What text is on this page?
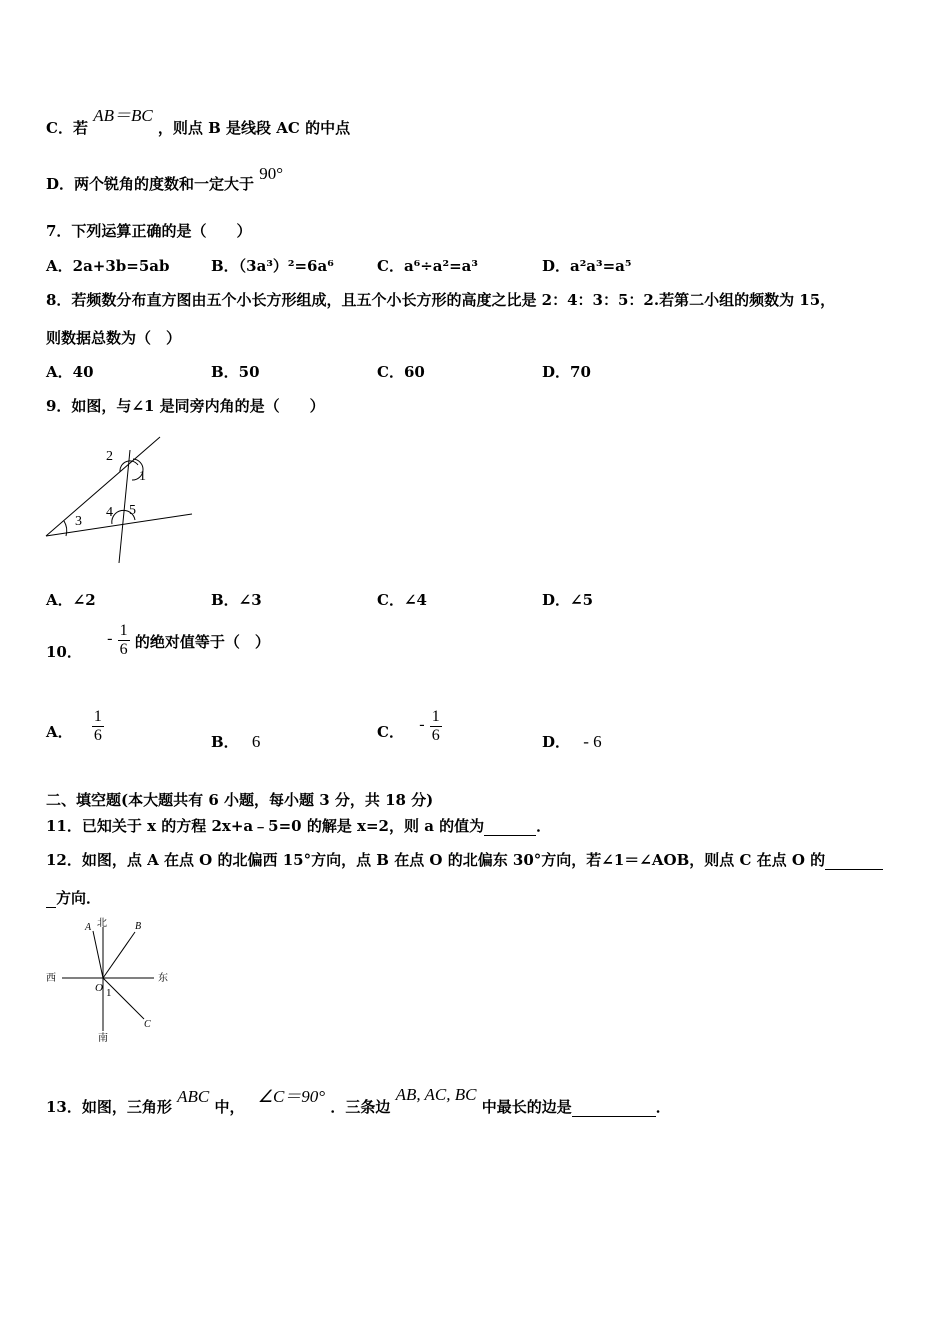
C．若 AB＝BC ，则点 B 是线段 AC 的中点
D．两个锐角的度数和一定大于 90°
7．下列运算正确的是（　　）
A．2a+3b=5ab	B．（3a³）²=6a⁶	C．a⁶÷a²=a³	D．a²a³=a⁵
8．若频数分布直方图由五个小长方形组成，且五个小长方形的高度之比是 2：4：3：5：2.若第二小组的频数为 15，
则数据总数为（　）
A．40	B．50	C．60	D．70
9．如图，与∠1 是同旁内角的是（　　）
2
1
4 5
3
A．∠2	B．∠3	C．∠4	D．∠5
10． - $\frac{1}{6}$ 的绝对值等于（　）
A． $\frac{1}{6}$	B． 6
C． - $\frac{1}{6}$	D． - 6
二、填空题(本大题共有 6 小题，每小题 3 分，共 18 分)
11．已知关于 x 的方程 2x+a﹣5=0 的解是 x=2，则 a 的值为	．
12．如图，点 A 在点 O 的北偏西 15°方向，点 B 在点 O 的北偏东 30°方向，若∠1＝∠AOB，则点 C 在点 O 的
方向．
北
A	B
西	东
O 1
C
南
13．如图，三角形 ABC 中， ∠C＝90° ．三条边 AB, AC, BC 中最长的边是	．
